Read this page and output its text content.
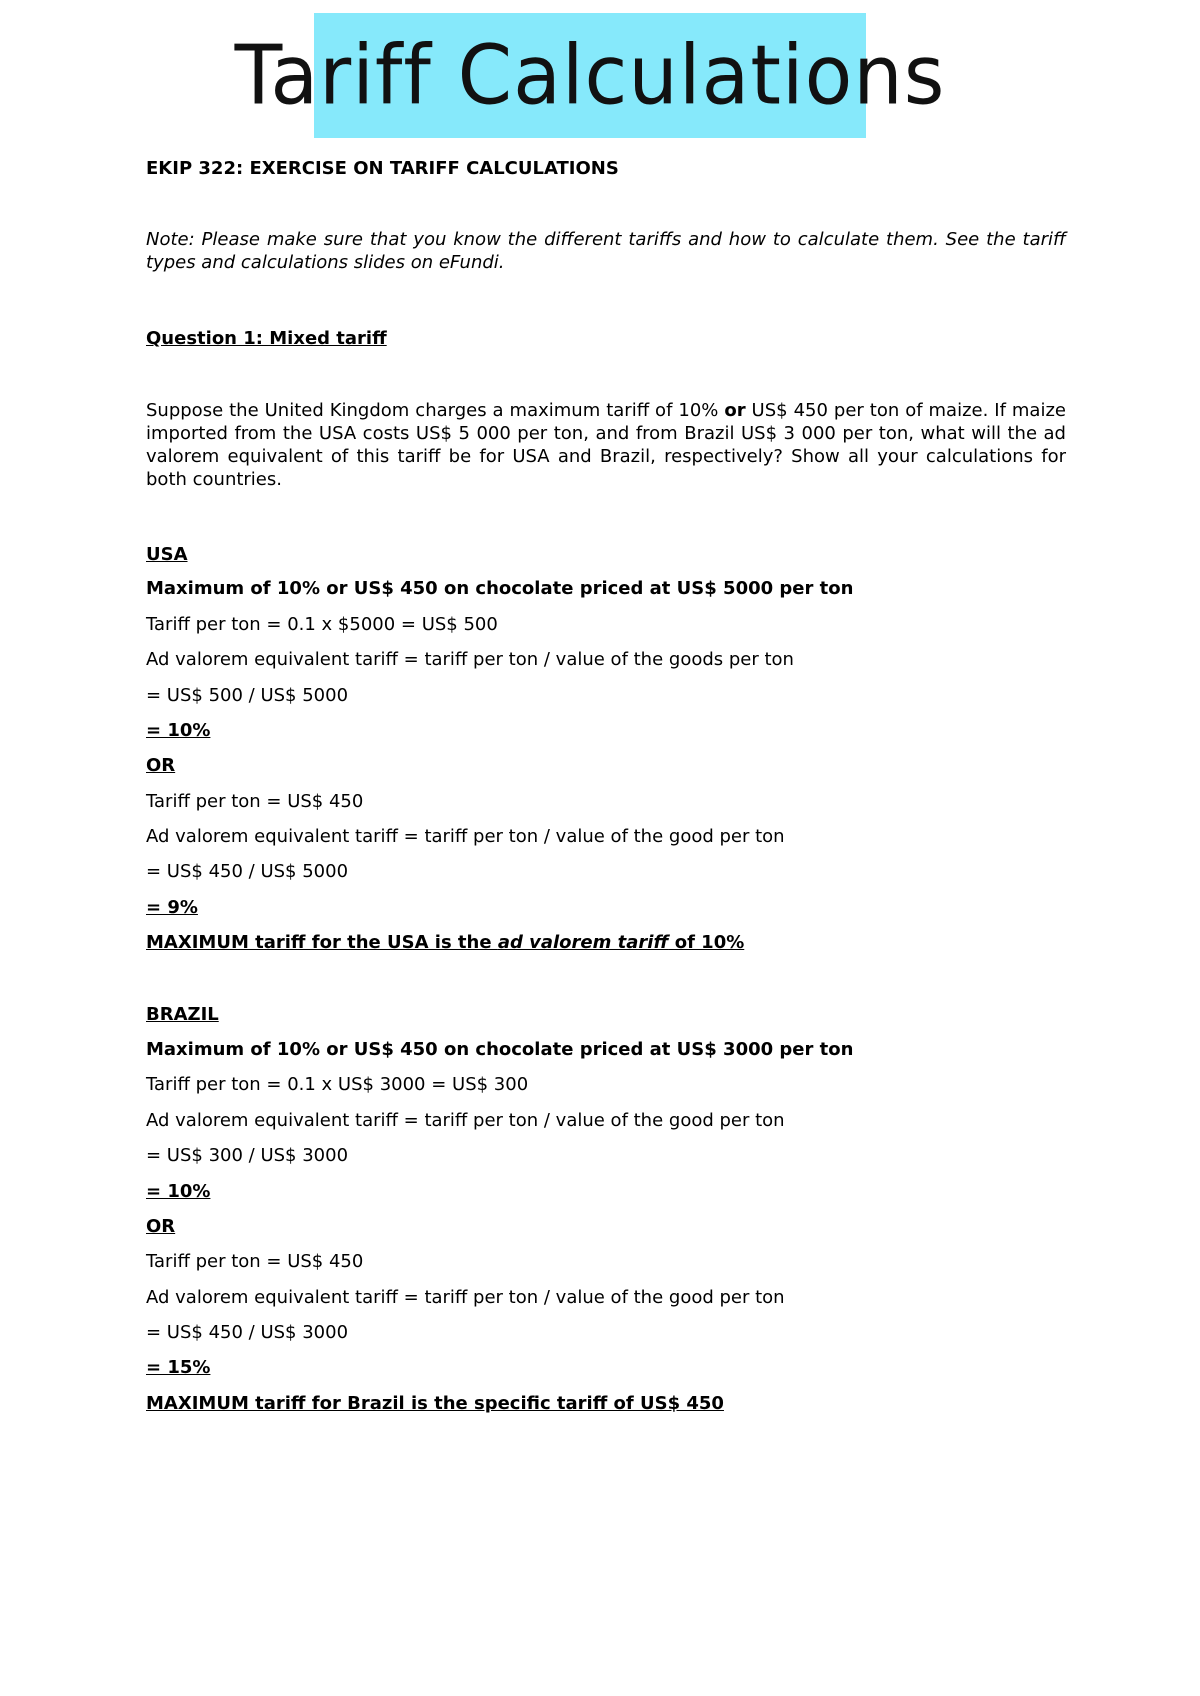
Tariff Calculations
EKIP 322: EXERCISE ON TARIFF CALCULATIONS
Note: Please make sure that you know the different tariffs and how to calculate them. See the tariff types and calculations slides on eFundi.
Question 1: Mixed tariff
Suppose the United Kingdom charges a maximum tariff of 10% or US$ 450 per ton of maize. If maize imported from the USA costs US$ 5 000 per ton, and from Brazil US$ 3 000 per ton, what will the ad valorem equivalent of this tariff be for USA and Brazil, respectively? Show all your calculations for both countries.
USA
Maximum of 10% or US$ 450 on chocolate priced at US$ 5000 per ton
Tariff per ton = 0.1 x $5000 = US$ 500
Ad valorem equivalent tariff = tariff per ton / value of the goods per ton
= US$ 500 / US$ 5000
= 10%
OR
Tariff per ton = US$ 450
Ad valorem equivalent tariff = tariff per ton / value of the good per ton
= US$ 450 / US$ 5000
= 9%
MAXIMUM tariff for the USA is the ad valorem tariff of 10%
BRAZIL
Maximum of 10% or US$ 450 on chocolate priced at US$ 3000 per ton
Tariff per ton = 0.1 x US$ 3000 = US$ 300
Ad valorem equivalent tariff = tariff per ton / value of the good per ton
= US$ 300 / US$ 3000
= 10%
OR
Tariff per ton = US$ 450
Ad valorem equivalent tariff = tariff per ton / value of the good per ton
= US$ 450 / US$ 3000
= 15%
MAXIMUM tariff for Brazil is the specific tariff of US$ 450
